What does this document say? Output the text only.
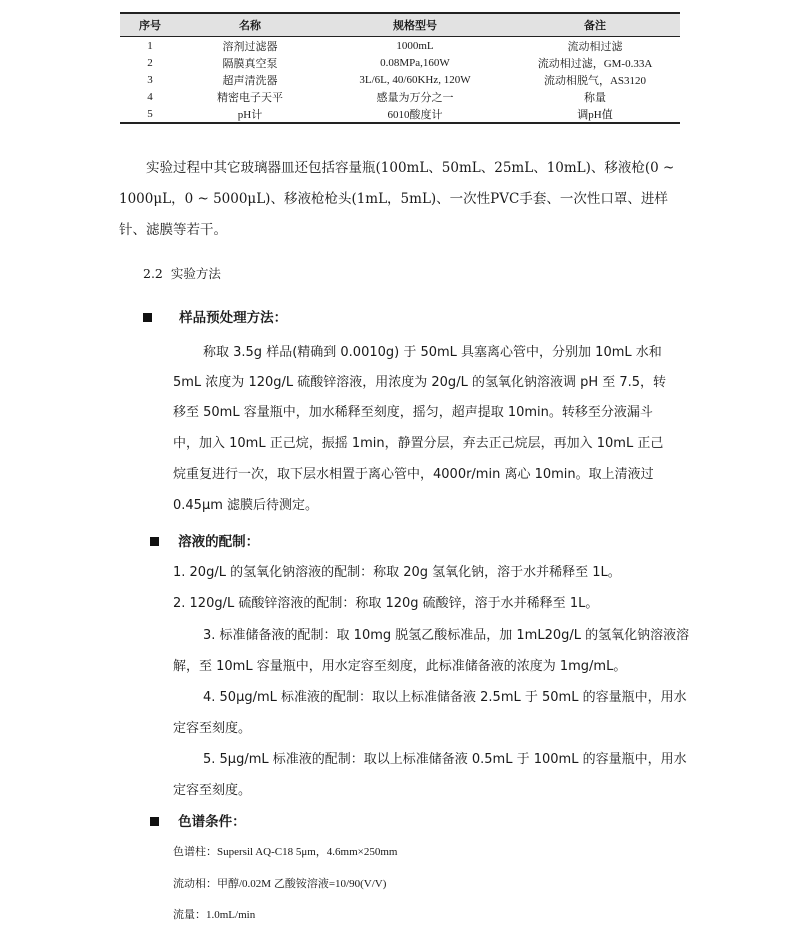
序号	名称	规格型号	备注
1	溶剂过滤器	1000mL	流动相过滤
2	隔膜真空泵	0.08MPa,160W	流动相过滤，GM-0.33A
3	超声清洗器	3L/6L, 40/60KHz, 120W	流动相脱气，AS3120
4	精密电子天平	感量为万分之一	称量
5	pH计	6010酸度计	调pH值
实验过程中其它玻璃器皿还包括容量瓶(100mL、50mL、25mL、10mL)、移液枪(0 ~
1000μL，0 ~ 5000μL)、移液枪枪头(1mL，5mL)、一次性PVC手套、一次性口罩、进样
针、滤膜等若干。
2.2 实验方法
样品预处理方法：
称取 3.5g 样品(精确到 0.0010g) 于 50mL 具塞离心管中，分别加 10mL 水和
5mL 浓度为 120g/L 硫酸锌溶液，用浓度为 20g/L 的氢氧化钠溶液调 pH 至 7.5，转
移至 50mL 容量瓶中，加水稀释至刻度，摇匀，超声提取 10min。转移至分液漏斗
中，加入 10mL 正己烷，振摇 1min，静置分层，弃去正己烷层，再加入 10mL 正己
烷重复进行一次，取下层水相置于离心管中，4000r/min 离心 10min。取上清液过
0.45μm 滤膜后待测定。
溶液的配制：
1. 20g/L 的氢氧化钠溶液的配制：称取 20g 氢氧化钠，溶于水并稀释至 1L。
2. 120g/L 硫酸锌溶液的配制：称取 120g 硫酸锌，溶于水并稀释至 1L。
3. 标准储备液的配制：取 10mg 脱氢乙酸标准品，加 1mL20g/L 的氢氧化钠溶液溶
解，至 10mL 容量瓶中，用水定容至刻度，此标准储备液的浓度为 1mg/mL。
4. 50μg/mL 标准液的配制：取以上标准储备液 2.5mL 于 50mL 的容量瓶中，用水
定容至刻度。
5. 5μg/mL 标准液的配制：取以上标准储备液 0.5mL 于 100mL 的容量瓶中，用水
定容至刻度。
色谱条件：
色谱柱：Supersil AQ-C18 5μm，4.6mm×250mm
流动相：甲醇/0.02M 乙酸铵溶液=10/90(V/V)
流量：1.0mL/min
